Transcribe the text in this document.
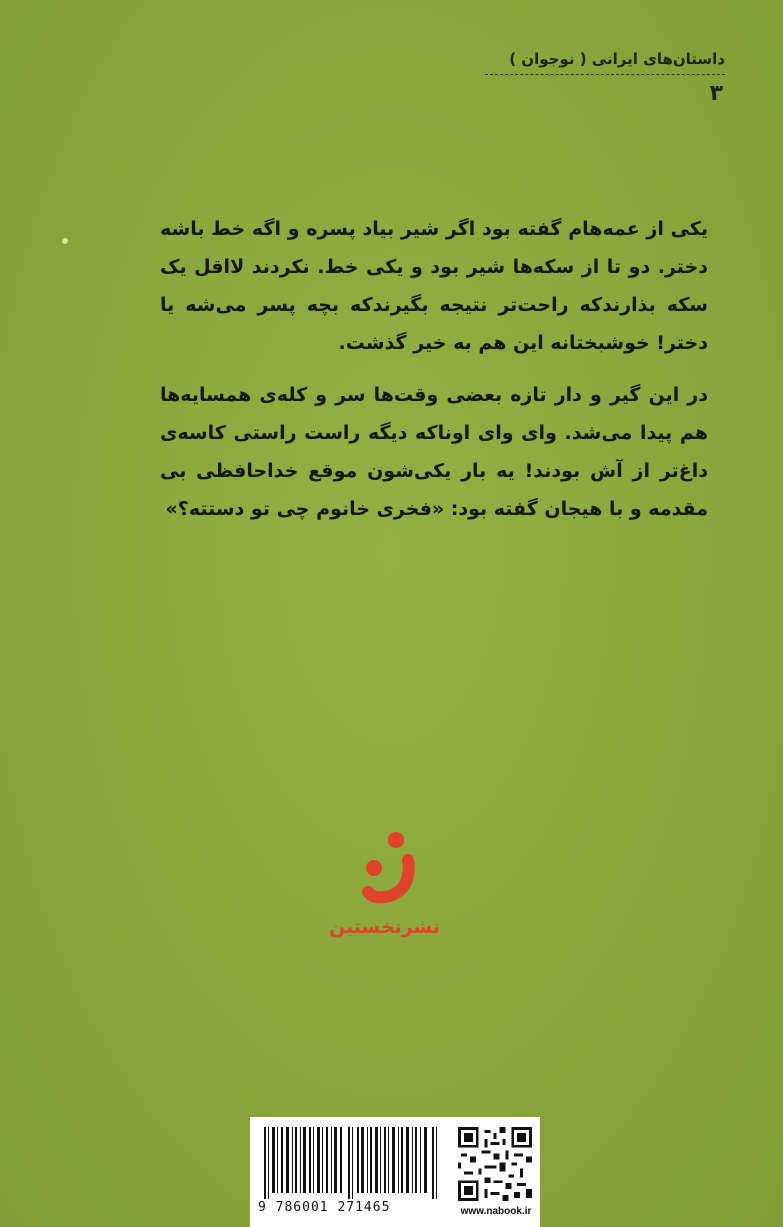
داستان‌های ایرانی ( نوجوان )
۳

یکی از عمه‌هام گفته بود اگر شیر بیاد پسره و اگه خط باشه دختر. دو تا از سکه‌ها شیر بود و یکی خط. نکردند لااقل یک سکه بذارندکه راحت‌تر نتیجه بگیرندکه بچه پسر می‌شه یا دختر! خوشبختانه این هم به خیر گذشت.

در این گیر و دار تازه بعضی وقت‌ها سر و کله‌ی همسایه‌ها هم پیدا می‌شد. وای وای اوناکه دیگه راست راستی کاسه‌ی داغ‌تر از آش بودند! یه بار یکی‌شون موقع خداحافظی بی مقدمه و با هیجان گفته بود: «فخری خانوم چی تو دستته؟»

نشرنخستین
9 786001 271465	www.nabook.ir
